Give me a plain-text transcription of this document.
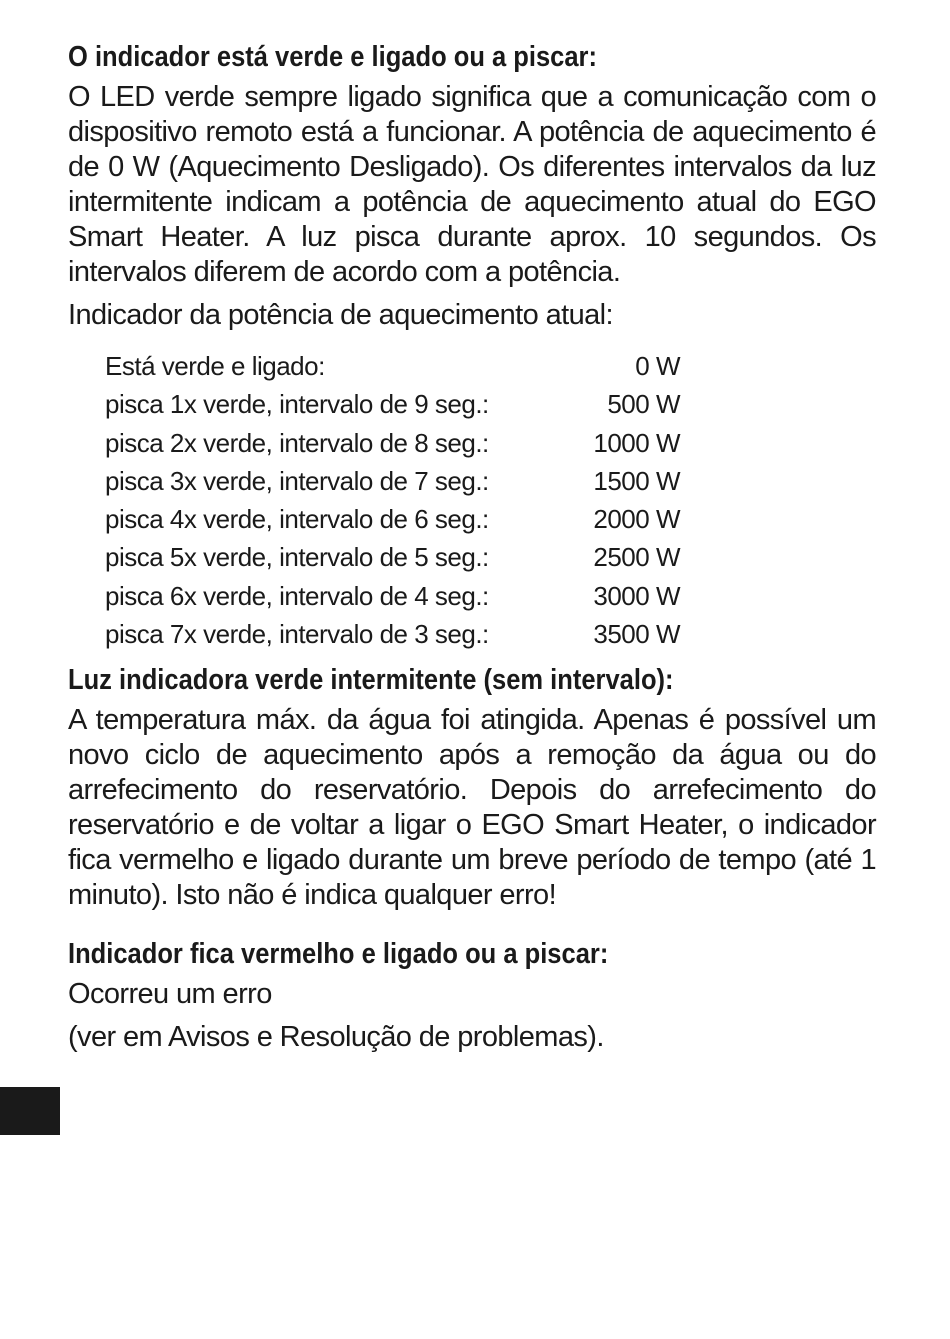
O indicador está verde e ligado ou a piscar:

O LED verde sempre ligado significa que a comunicação com o dispositivo remoto está a funcionar. A potência de aquecimento é de 0 W (Aquecimento Desligado). Os diferentes intervalos da luz intermitente indicam a potência de aquecimento atual do EGO Smart Heater. A luz pisca durante aprox. 10 segundos. Os intervalos diferem de acordo com a potência.

Indicador da potência de aquecimento atual:

Está verde e ligado:	0 W
pisca 1x verde, intervalo de 9 seg.:	500 W
pisca 2x verde, intervalo de 8 seg.:	1000 W
pisca 3x verde, intervalo de 7 seg.:	1500 W
pisca 4x verde, intervalo de 6 seg.:	2000 W
pisca 5x verde, intervalo de 5 seg.:	2500 W
pisca 6x verde, intervalo de 4 seg.:	3000 W
pisca 7x verde, intervalo de 3 seg.:	3500 W
Luz indicadora verde intermitente (sem intervalo):

A temperatura máx. da água foi atingida. Apenas é possível um novo ciclo de aquecimento após a remoção da água ou do arrefecimento do reservatório. Depois do arrefecimento do reservatório e de voltar a ligar o EGO Smart Heater, o indicador fica vermelho e ligado durante um breve período de tempo (até 1 minuto). Isto não é indica qualquer erro!

Indicador fica vermelho e ligado ou a piscar:

Ocorreu um erro

(ver em Avisos e Resolução de problemas).
